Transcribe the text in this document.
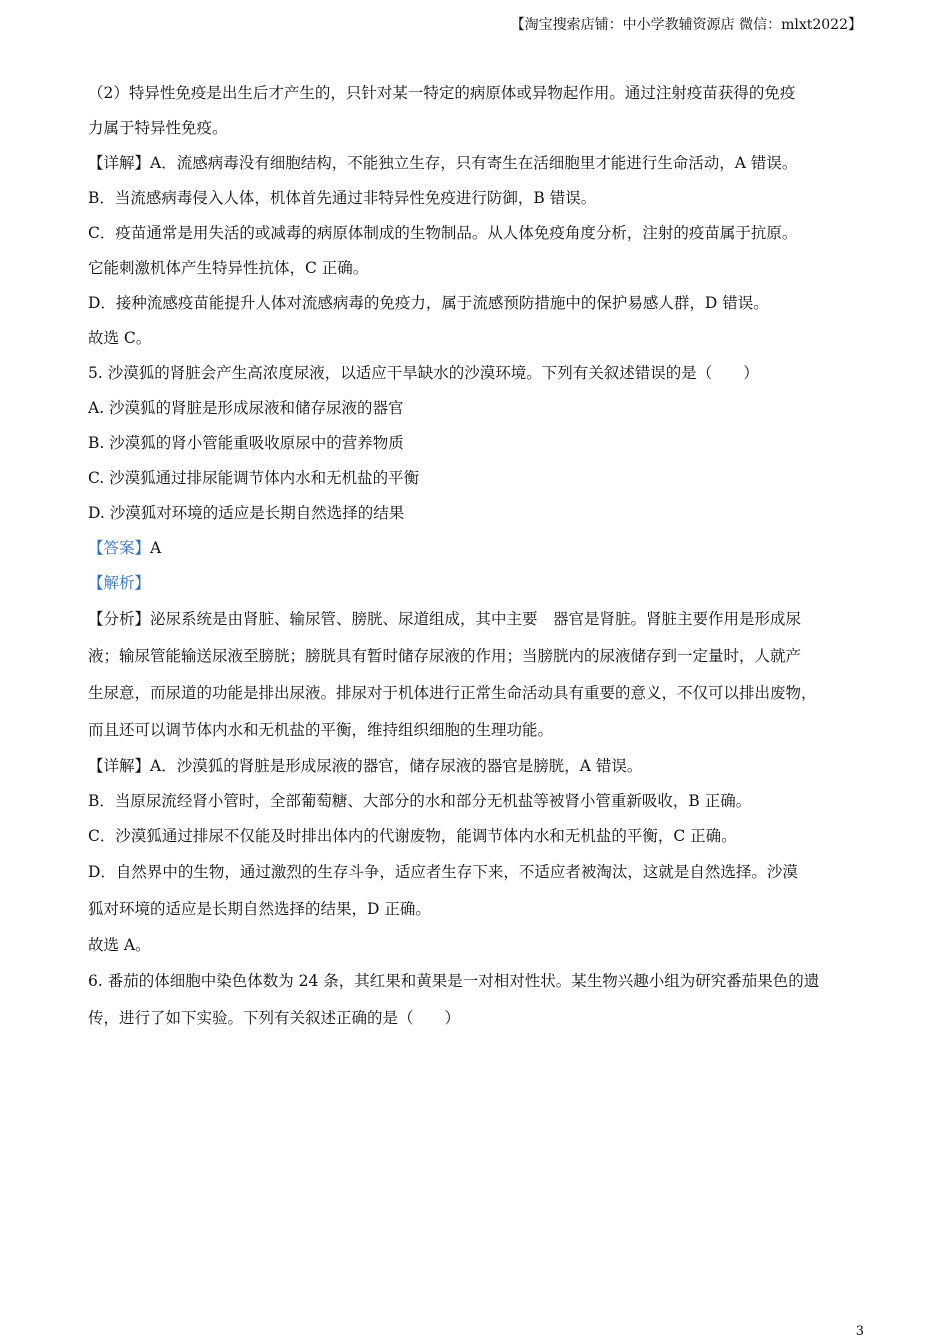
【淘宝搜索店铺：中小学教辅资源店 微信：mlxt2022】
（2）特异性免疫是出生后才产生的，只针对某一特定的病原体或异物起作用。通过注射疫苗获得的免疫
力属于特异性免疫。
【详解】A．流感病毒没有细胞结构，不能独立生存，只有寄生在活细胞里才能进行生命活动，A 错误。
B．当流感病毒侵入人体，机体首先通过非特异性免疫进行防御，B 错误。
C．疫苗通常是用失活的或减毒的病原体制成的生物制品。从人体免疫角度分析，注射的疫苗属于抗原。
它能刺激机体产生特异性抗体，C 正确。
D．接种流感疫苗能提升人体对流感病毒的免疫力，属于流感预防措施中的保护易感人群，D 错误。
故选 C。
5. 沙漠狐的肾脏会产生高浓度尿液，以适应干旱缺水的沙漠环境。下列有关叙述错误的是（　　）
A. 沙漠狐的肾脏是形成尿液和储存尿液的器官
B. 沙漠狐的肾小管能重吸收原尿中的营养物质
C. 沙漠狐通过排尿能调节体内水和无机盐的平衡
D. 沙漠狐对环境的适应是长期自然选择的结果
【答案】A
【解析】
【分析】泌尿系统是由肾脏、输尿管、膀胱、尿道组成，其中主要　器官是肾脏。肾脏主要作用是形成尿
液；输尿管能输送尿液至膀胱；膀胱具有暂时储存尿液的作用；当膀胱内的尿液储存到一定量时，人就产
生尿意，而尿道的功能是排出尿液。排尿对于机体进行正常生命活动具有重要的意义，不仅可以排出废物，
而且还可以调节体内水和无机盐的平衡，维持组织细胞的生理功能。
【详解】A．沙漠狐的肾脏是形成尿液的器官，储存尿液的器官是膀胱，A 错误。
B．当原尿流经肾小管时，全部葡萄糖、大部分的水和部分无机盐等被肾小管重新吸收，B 正确。
C．沙漠狐通过排尿不仅能及时排出体内的代谢废物，能调节体内水和无机盐的平衡，C 正确。
D．自然界中的生物，通过激烈的生存斗争，适应者生存下来，不适应者被淘汰，这就是自然选择。沙漠
狐对环境的适应是长期自然选择的结果，D 正确。
故选 A。
6. 番茄的体细胞中染色体数为 24 条，其红果和黄果是一对相对性状。某生物兴趣小组为研究番茄果色的遗
传，进行了如下实验。下列有关叙述正确的是（　　）
3
